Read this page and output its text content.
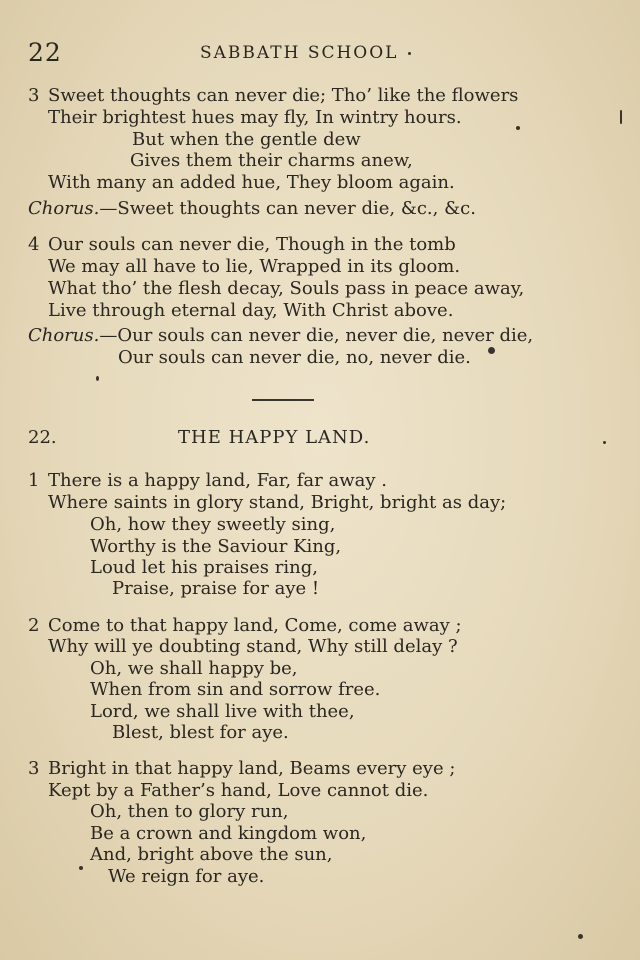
22	SABBATH SCHOOL
3 Sweet thoughts can never die; Tho’ like the flowers
Their brightest hues may fly, In wintry hours.
But when the gentle dew
Gives them their charms anew,
With many an added hue, They bloom again.
Chorus.—Sweet thoughts can never die, &c., &c.
4 Our souls can never die, Though in the tomb
We may all have to lie, Wrapped in its gloom.
What tho’ the flesh decay, Souls pass in peace away,
Live through eternal day, With Christ above.
Chorus.—Our souls can never die, never die, never die,
Our souls can never die, no, never die.
22.	THE HAPPY LAND.
1 There is a happy land, Far, far away .
Where saints in glory stand, Bright, bright as day;
Oh, how they sweetly sing,
Worthy is the Saviour King,
Loud let his praises ring,
Praise, praise for aye !
2 Come to that happy land, Come, come away ;
Why will ye doubting stand, Why still delay ?
Oh, we shall happy be,
When from sin and sorrow free.
Lord, we shall live with thee,
Blest, blest for aye.
3 Bright in that happy land, Beams every eye ;
Kept by a Father’s hand, Love cannot die.
Oh, then to glory run,
Be a crown and kingdom won,
And, bright above the sun,
We reign for aye.
